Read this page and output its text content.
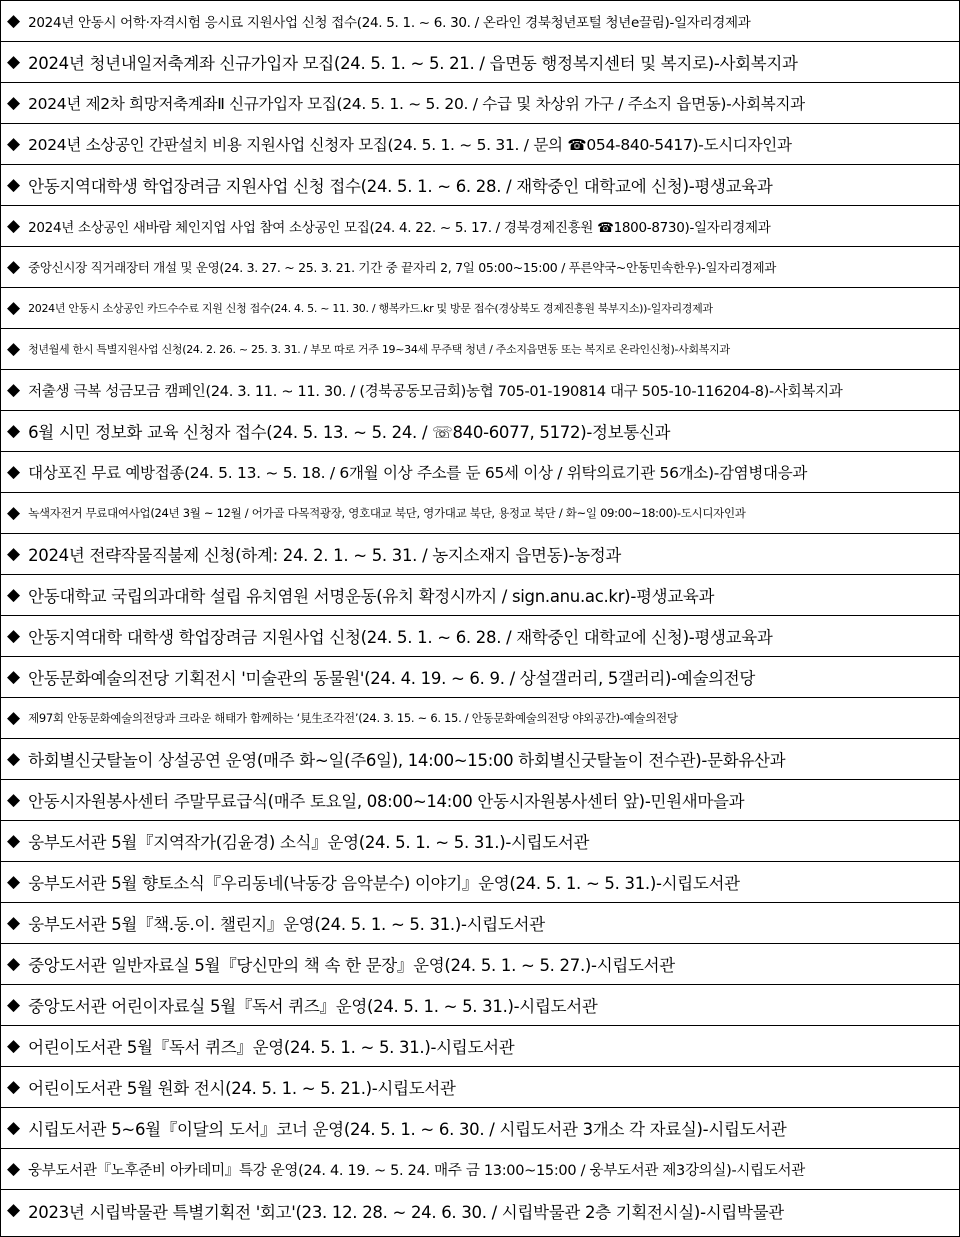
◆ 2024년 안동시 어학·자격시험 응시료 지원사업 신청 접수(24. 5. 1. ~ 6. 30. / 온라인 경북청년포털 청년e끌림)-일자리경제과
◆ 2024년 청년내일저축계좌 신규가입자 모집(24. 5. 1. ~ 5. 21. / 읍면동 행정복지센터 및 복지로)-사회복지과
◆ 2024년 제2차 희망저축계좌Ⅱ 신규가입자 모집(24. 5. 1. ~ 5. 20. / 수급 및 차상위 가구 / 주소지 읍면동)-사회복지과
◆ 2024년 소상공인 간판설치 비용 지원사업 신청자 모집(24. 5. 1. ~ 5. 31. / 문의 ☎054-840-5417)-도시디자인과
◆ 안동지역대학생 학업장려금 지원사업 신청 접수(24. 5. 1. ~ 6. 28. / 재학중인 대학교에 신청)-평생교육과
◆ 2024년 소상공인 새바람 체인지업 사업 참여 소상공인 모집(24. 4. 22. ~ 5. 17. / 경북경제진흥원 ☎1800-8730)-일자리경제과
◆ 중앙신시장 직거래장터 개설 및 운영(24. 3. 27. ~ 25. 3. 21. 기간 중 끝자리 2, 7일 05:00~15:00 / 푸른약국~안동민속한우)-일자리경제과
◆ 2024년 안동시 소상공인 카드수수료 지원 신청 접수(24. 4. 5. ~ 11. 30. / 행복카드.kr 및 방문 접수(경상북도 경제진흥원 북부지소))-일자리경제과
◆ 청년월세 한시 특별지원사업 신청(24. 2. 26. ~ 25. 3. 31. / 부모 따로 거주 19~34세 무주택 청년 / 주소지읍면동 또는 복지로 온라인신청)-사회복지과
◆ 저출생 극복 성금모금 캠페인(24. 3. 11. ~ 11. 30. / (경북공동모금회)농협 705-01-190814 대구 505-10-116204-8)-사회복지과
◆ 6월 시민 정보화 교육 신청자 접수(24. 5. 13. ~ 5. 24. / ☏840-6077, 5172)-정보통신과
◆ 대상포진 무료 예방접종(24. 5. 13. ~ 5. 18. / 6개월 이상 주소를 둔 65세 이상 / 위탁의료기관 56개소)-감염병대응과
◆ 녹색자전거 무료대여사업(24년 3월 ~ 12월 / 어가골 다목적광장, 영호대교 북단, 영가대교 북단, 용정교 북단 / 화~일 09:00~18:00)-도시디자인과
◆ 2024년 전략작물직불제 신청(하계: 24. 2. 1. ~ 5. 31. / 농지소재지 읍면동)-농정과
◆ 안동대학교 국립의과대학 설립 유치염원 서명운동(유치 확정시까지 / sign.anu.ac.kr)-평생교육과
◆ 안동지역대학 대학생 학업장려금 지원사업 신청(24. 5. 1. ~ 6. 28. / 재학중인 대학교에 신청)-평생교육과
◆ 안동문화예술의전당 기획전시 '미술관의 동물원'(24. 4. 19. ~ 6. 9. / 상설갤러리, 5갤러리)-예술의전당
◆ 제97회 안동문화예술의전당과 크라운 해태가 함께하는 ‘見生조각전’(24. 3. 15. ~ 6. 15. / 안동문화예술의전당 야외공간)-예술의전당
◆ 하회별신굿탈놀이 상설공연 운영(매주 화~일(주6일), 14:00~15:00 하회별신굿탈놀이 전수관)-문화유산과
◆ 안동시자원봉사센터 주말무료급식(매주 토요일, 08:00~14:00 안동시자원봉사센터 앞)-민원새마을과
◆ 웅부도서관 5월『지역작가(김윤경) 소식』운영(24. 5. 1. ~ 5. 31.)-시립도서관
◆ 웅부도서관 5월 향토소식『우리동네(낙동강 음악분수) 이야기』운영(24. 5. 1. ~ 5. 31.)-시립도서관
◆ 웅부도서관 5월『책.동.이. 챌린지』운영(24. 5. 1. ~ 5. 31.)-시립도서관
◆ 중앙도서관 일반자료실 5월『당신만의 책 속 한 문장』운영(24. 5. 1. ~ 5. 27.)-시립도서관
◆ 중앙도서관 어린이자료실 5월『독서 퀴즈』운영(24. 5. 1. ~ 5. 31.)-시립도서관
◆ 어린이도서관 5월『독서 퀴즈』운영(24. 5. 1. ~ 5. 31.)-시립도서관
◆ 어린이도서관 5월 원화 전시(24. 5. 1. ~ 5. 21.)-시립도서관
◆ 시립도서관 5~6월『이달의 도서』코너 운영(24. 5. 1. ~ 6. 30. / 시립도서관 3개소 각 자료실)-시립도서관
◆ 웅부도서관『노후준비 아카데미』특강 운영(24. 4. 19. ~ 5. 24. 매주 금 13:00~15:00 / 웅부도서관 제3강의실)-시립도서관
◆ 2023년 시립박물관 특별기획전 '회고'(23. 12. 28. ~ 24. 6. 30. / 시립박물관 2층 기획전시실)-시립박물관
